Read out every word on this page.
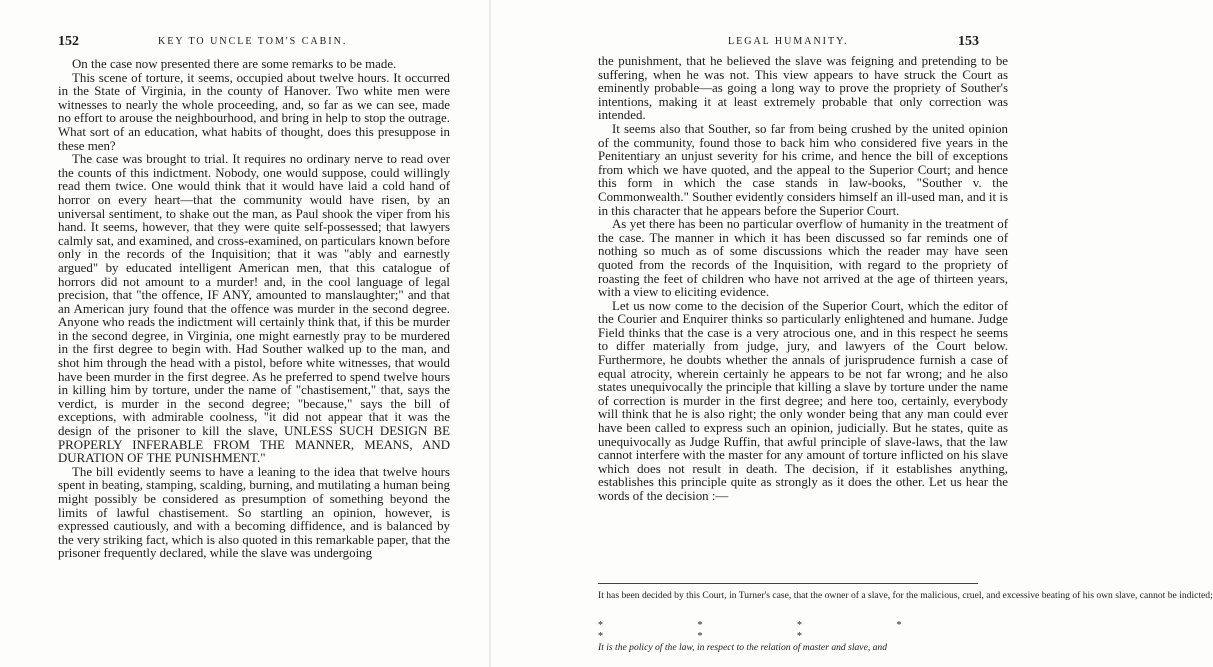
152	KEY TO UNCLE TOM'S CABIN.

On the case now presented there are some remarks to be made.

This scene of torture, it seems, occupied about twelve hours. It occurred in the State of Virginia, in the county of Hanover. Two white men were witnesses to nearly the whole proceeding, and, so far as we can see, made no effort to arouse the neighbourhood, and bring in help to stop the outrage. What sort of an education, what habits of thought, does this presuppose in these men?

The case was brought to trial. It requires no ordinary nerve to read over the counts of this indictment. Nobody, one would suppose, could willingly read them twice. One would think that it would have laid a cold hand of horror on every heart—that the community would have risen, by an universal sentiment, to shake out the man, as Paul shook the viper from his hand. It seems, however, that they were quite self-possessed; that lawyers calmly sat, and examined, and cross-examined, on particulars known before only in the records of the Inquisition; that it was "ably and earnestly argued" by educated intelligent American men, that this catalogue of horrors did not amount to a murder! and, in the cool language of legal precision, that "the offence, IF ANY, amounted to manslaughter;" and that an American jury found that the offence was murder in the second degree. Anyone who reads the indictment will certainly think that, if this be murder in the second degree, in Virginia, one might earnestly pray to be murdered in the first degree to begin with. Had Souther walked up to the man, and shot him through the head with a pistol, before white witnesses, that would have been murder in the first degree. As he preferred to spend twelve hours in killing him by torture, under the name of "chastisement," that, says the verdict, is murder in the second degree; "because," says the bill of exceptions, with admirable coolness, "it did not appear that it was the design of the prisoner to kill the slave, UNLESS SUCH DESIGN BE PROPERLY INFERABLE FROM THE MANNER, MEANS, AND DURATION OF THE PUNISHMENT."

The bill evidently seems to have a leaning to the idea that twelve hours spent in beating, stamping, scalding, burning, and mutilating a human being might possibly be considered as presumption of something beyond the limits of lawful chastisement. So startling an opinion, however, is expressed cautiously, and with a becoming diffidence, and is balanced by the very striking fact, which is also quoted in this remarkable paper, that the prisoner frequently declared, while the slave was undergoing

LEGAL HUMANITY.	153

the punishment, that he believed the slave was feigning and pretending to be suffering, when he was not. This view appears to have struck the Court as eminently probable—as going a long way to prove the propriety of Souther's intentions, making it at least extremely probable that only correction was intended.

It seems also that Souther, so far from being crushed by the united opinion of the community, found those to back him who considered five years in the Penitentiary an unjust severity for his crime, and hence the bill of exceptions from which we have quoted, and the appeal to the Superior Court; and hence this form in which the case stands in law-books, "Souther v. the Commonwealth." Souther evidently considers himself an ill-used man, and it is in this character that he appears before the Superior Court.

As yet there has been no particular overflow of humanity in the treatment of the case. The manner in which it has been discussed so far reminds one of nothing so much as of some discussions which the reader may have seen quoted from the records of the Inquisition, with regard to the propriety of roasting the feet of children who have not arrived at the age of thirteen years, with a view to eliciting evidence.

Let us now come to the decision of the Superior Court, which the editor of the Courier and Enquirer thinks so particularly enlightened and humane. Judge Field thinks that the case is a very atrocious one, and in this respect he seems to differ materially from judge, jury, and lawyers of the Court below. Furthermore, he doubts whether the annals of jurisprudence furnish a case of equal atrocity, wherein certainly he appears to be not far wrong; and he also states unequivocally the principle that killing a slave by torture under the name of correction is murder in the first degree; and here too, certainly, everybody will think that he is also right; the only wonder being that any man could ever have been called to express such an opinion, judicially. But he states, quite as unequivocally as Judge Ruffin, that awful principle of slave-laws, that the law cannot interfere with the master for any amount of torture inflicted on his slave which does not result in death. The decision, if it establishes anything, establishes this principle quite as strongly as it does the other. Let us hear the words of the decision :—

It has been decided by this Court, in Turner's case, that the owner of a slave, for the malicious, cruel, and excessive beating of his own slave, cannot be indicted;
* * * * * * *
It is the policy of the law, in respect to the relation of master and slave, and
